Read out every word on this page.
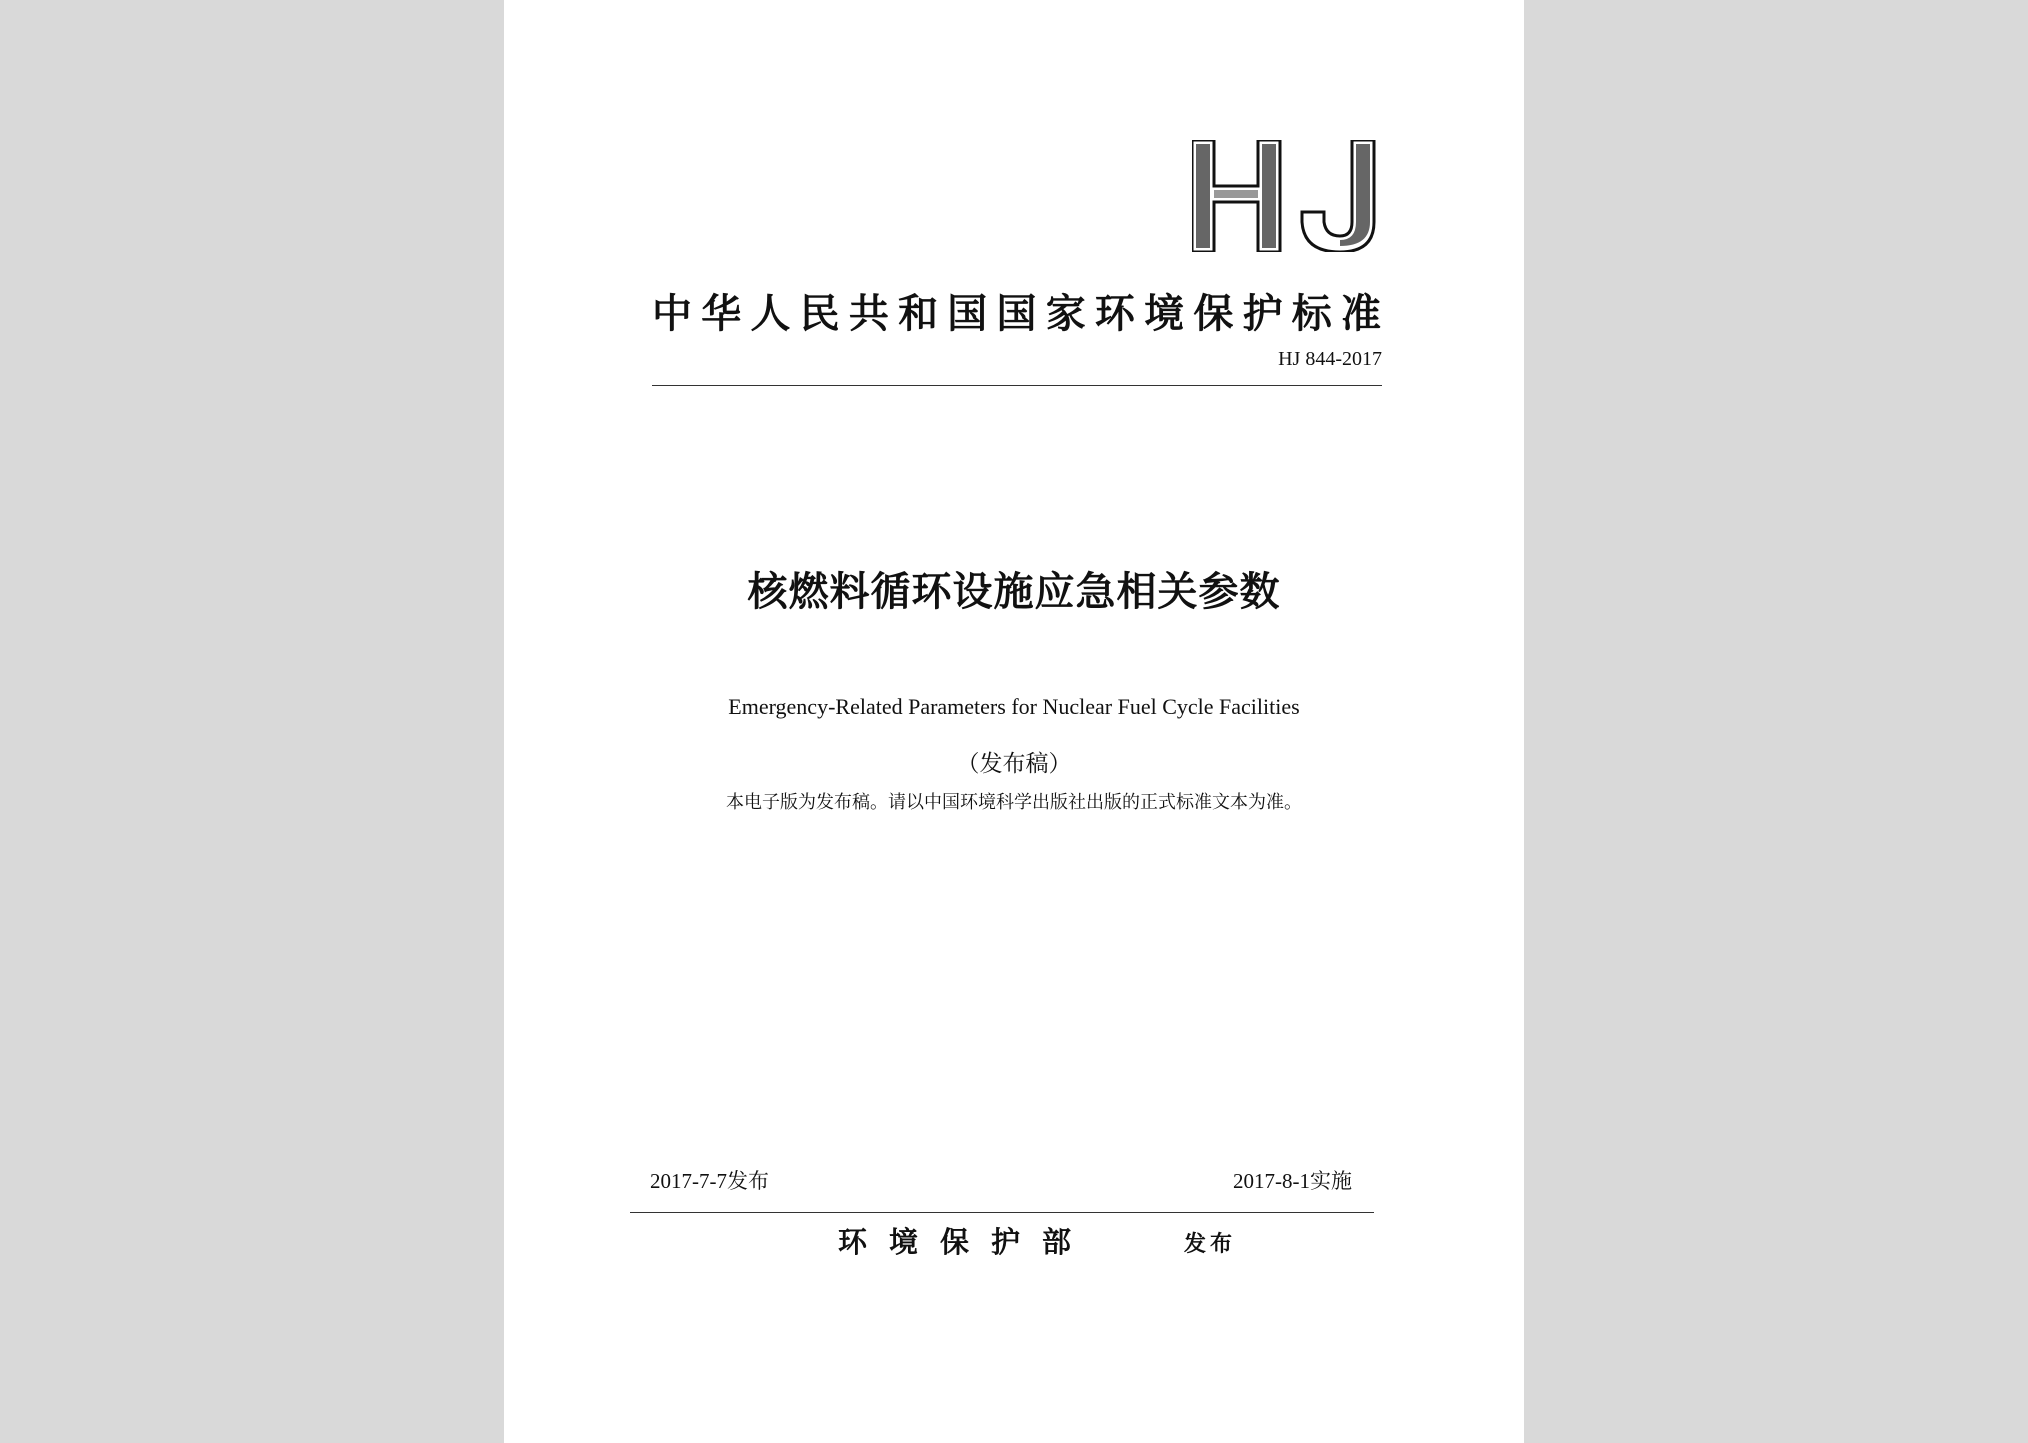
中华人民共和国国家环境保护标准
HJ 844-2017
核燃料循环设施应急相关参数
Emergency-Related Parameters for Nuclear Fuel Cycle Facilities
（发布稿）
本电子版为发布稿。请以中国环境科学出版社出版的正式标准文本为准。
2017-7-7发布	2017-8-1实施
环境保护部	发布
